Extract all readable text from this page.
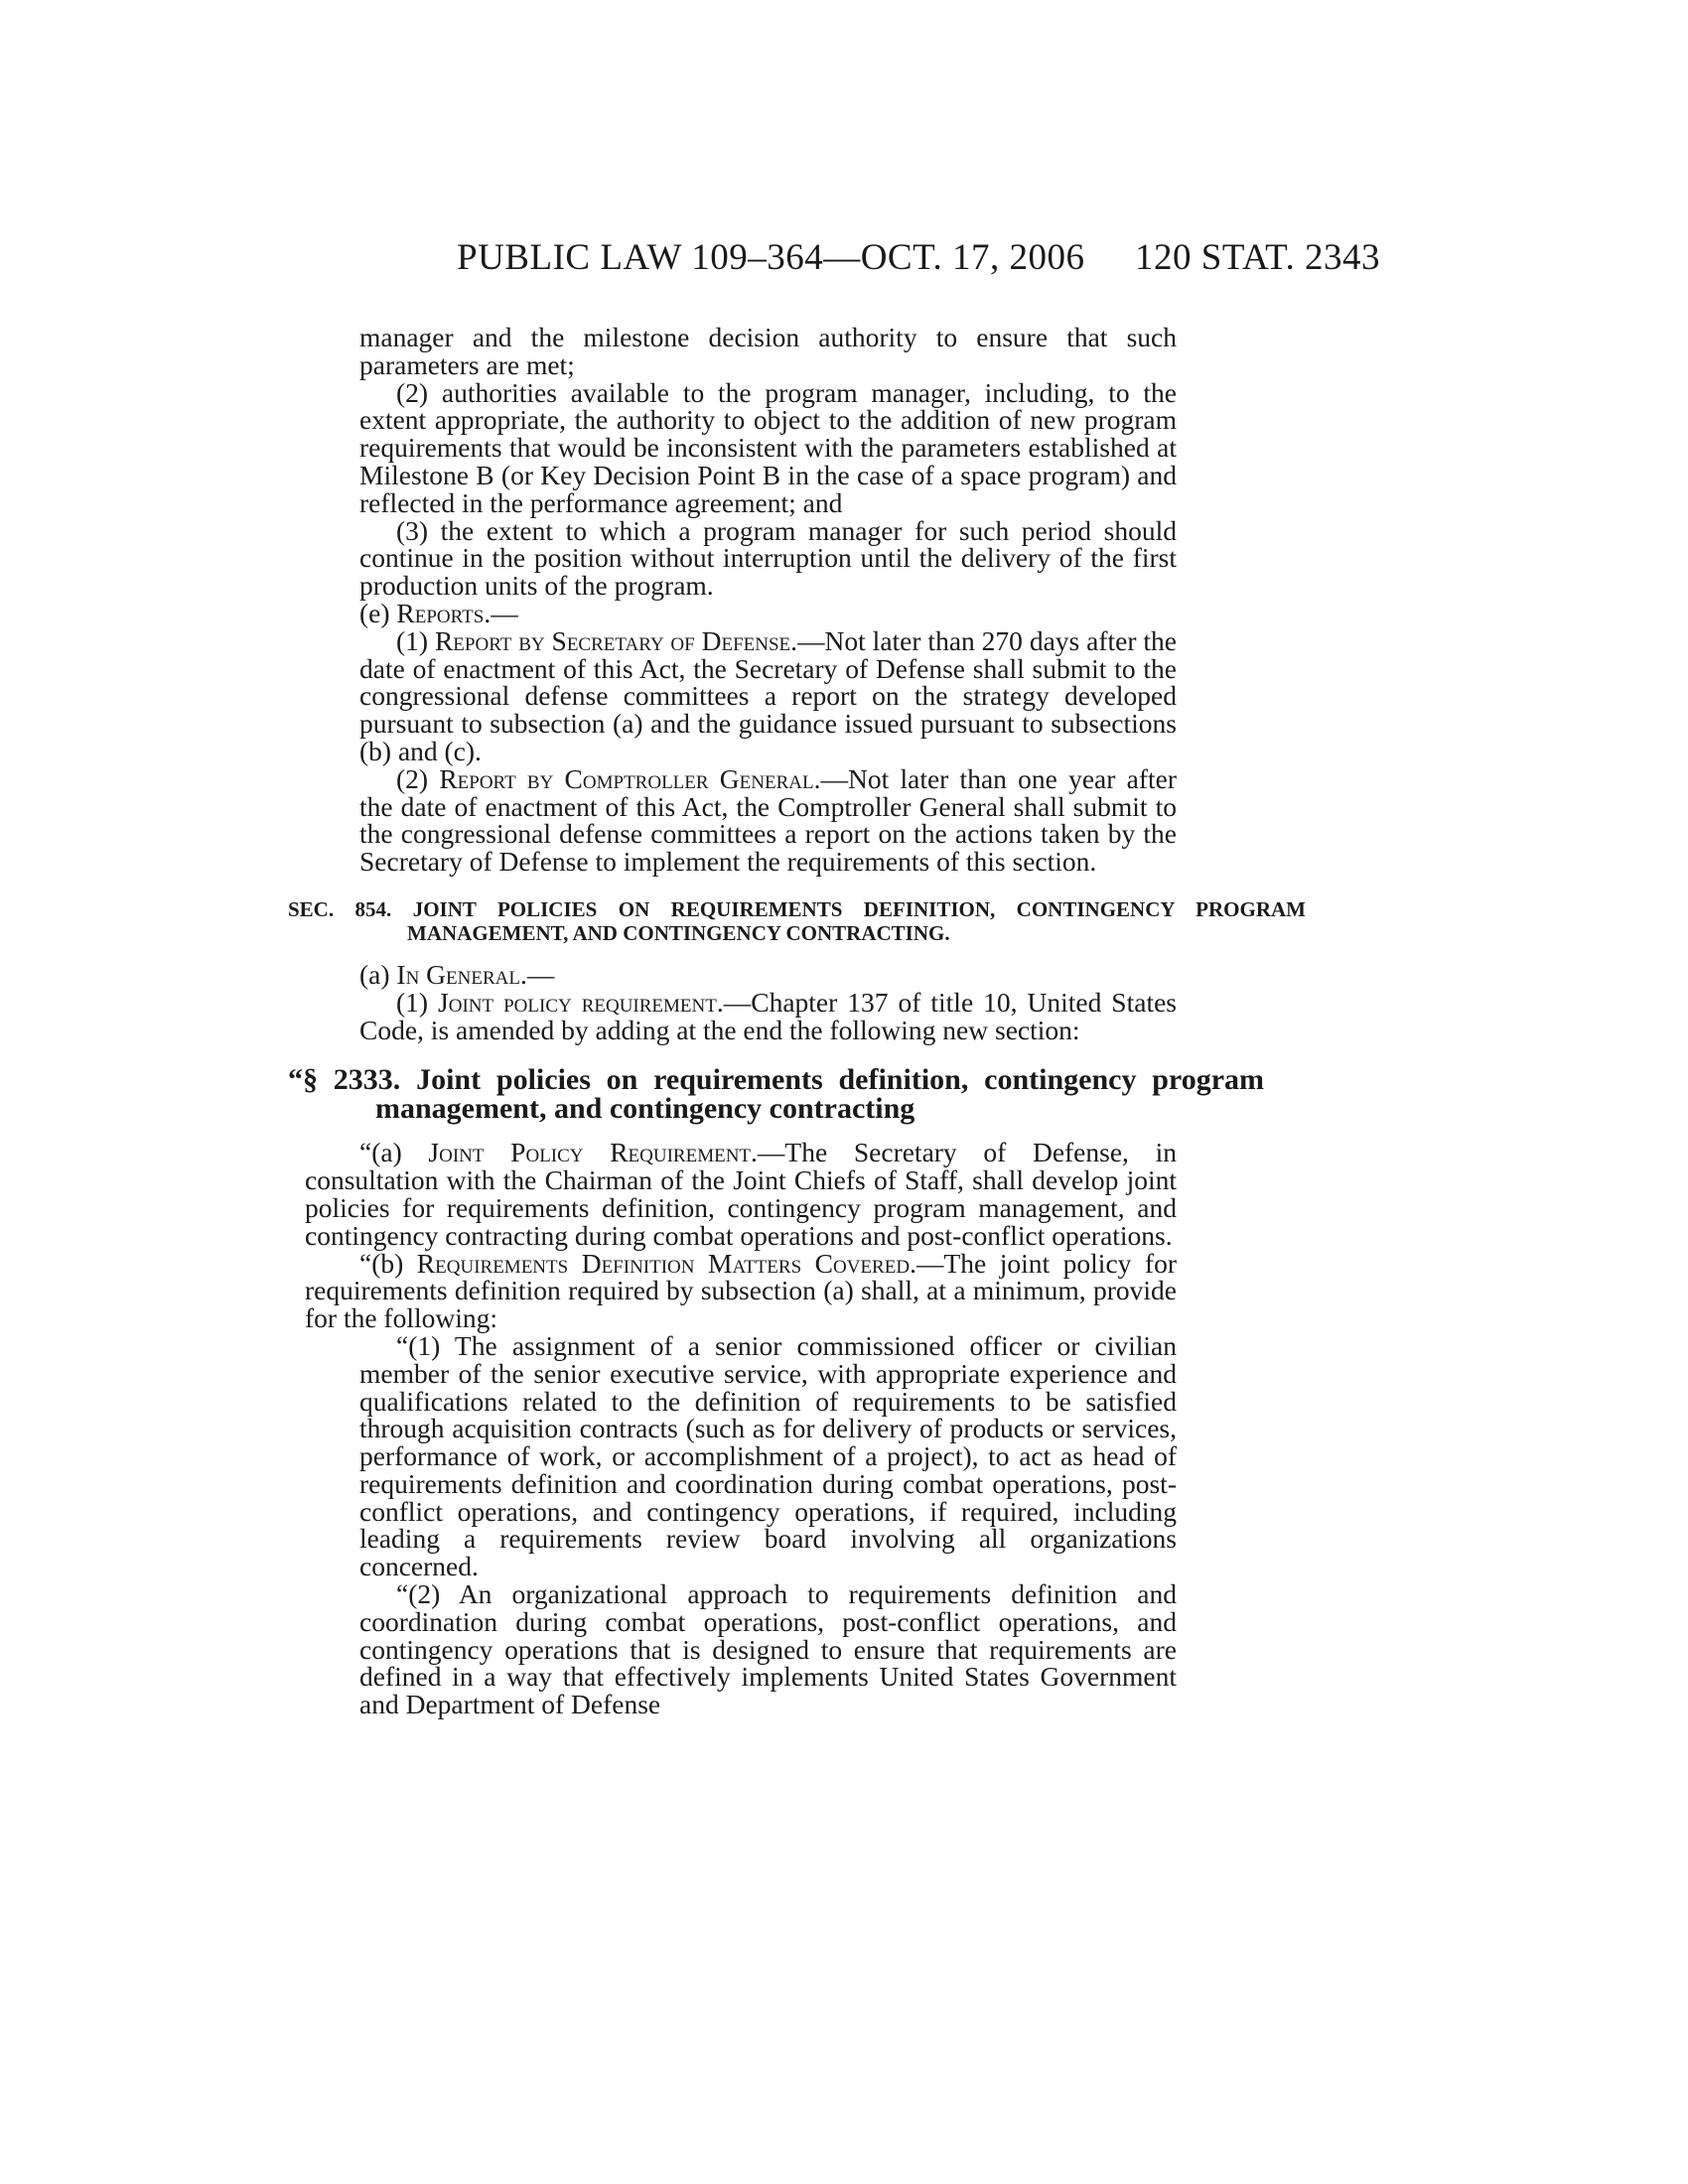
PUBLIC LAW 109–364—OCT. 17, 2006 120 STAT. 2343

manager and the milestone decision authority to ensure that such parameters are met;

(2) authorities available to the program manager, including, to the extent appropriate, the authority to object to the addition of new program requirements that would be inconsistent with the parameters established at Milestone B (or Key Decision Point B in the case of a space program) and reflected in the performance agreement; and

(3) the extent to which a program manager for such period should continue in the position without interruption until the delivery of the first production units of the program.

(e) Reports.—

(1) Report by Secretary of Defense.—Not later than 270 days after the date of enactment of this Act, the Secretary of Defense shall submit to the congressional defense committees a report on the strategy developed pursuant to subsection (a) and the guidance issued pursuant to subsections (b) and (c).

(2) Report by Comptroller General.—Not later than one year after the date of enactment of this Act, the Comptroller General shall submit to the congressional defense committees a report on the actions taken by the Secretary of Defense to implement the requirements of this section.

SEC. 854. JOINT POLICIES ON REQUIREMENTS DEFINITION, CONTINGENCY PROGRAM MANAGEMENT, AND CONTINGENCY CONTRACTING.

(a) In General.—

(1) Joint policy requirement.—Chapter 137 of title 10, United States Code, is amended by adding at the end the following new section:

“§ 2333. Joint policies on requirements definition, contingency program management, and contingency contracting

“(a) Joint Policy Requirement.—The Secretary of Defense, in consultation with the Chairman of the Joint Chiefs of Staff, shall develop joint policies for requirements definition, contingency program management, and contingency contracting during combat operations and post-conflict operations.

“(b) Requirements Definition Matters Covered.—The joint policy for requirements definition required by subsection (a) shall, at a minimum, provide for the following:

“(1) The assignment of a senior commissioned officer or civilian member of the senior executive service, with appropriate experience and qualifications related to the definition of requirements to be satisfied through acquisition contracts (such as for delivery of products or services, performance of work, or accomplishment of a project), to act as head of requirements definition and coordination during combat operations, post-conflict operations, and contingency operations, if required, including leading a requirements review board involving all organizations concerned.

“(2) An organizational approach to requirements definition and coordination during combat operations, post-conflict operations, and contingency operations that is designed to ensure that requirements are defined in a way that effectively implements United States Government and Department of Defense
